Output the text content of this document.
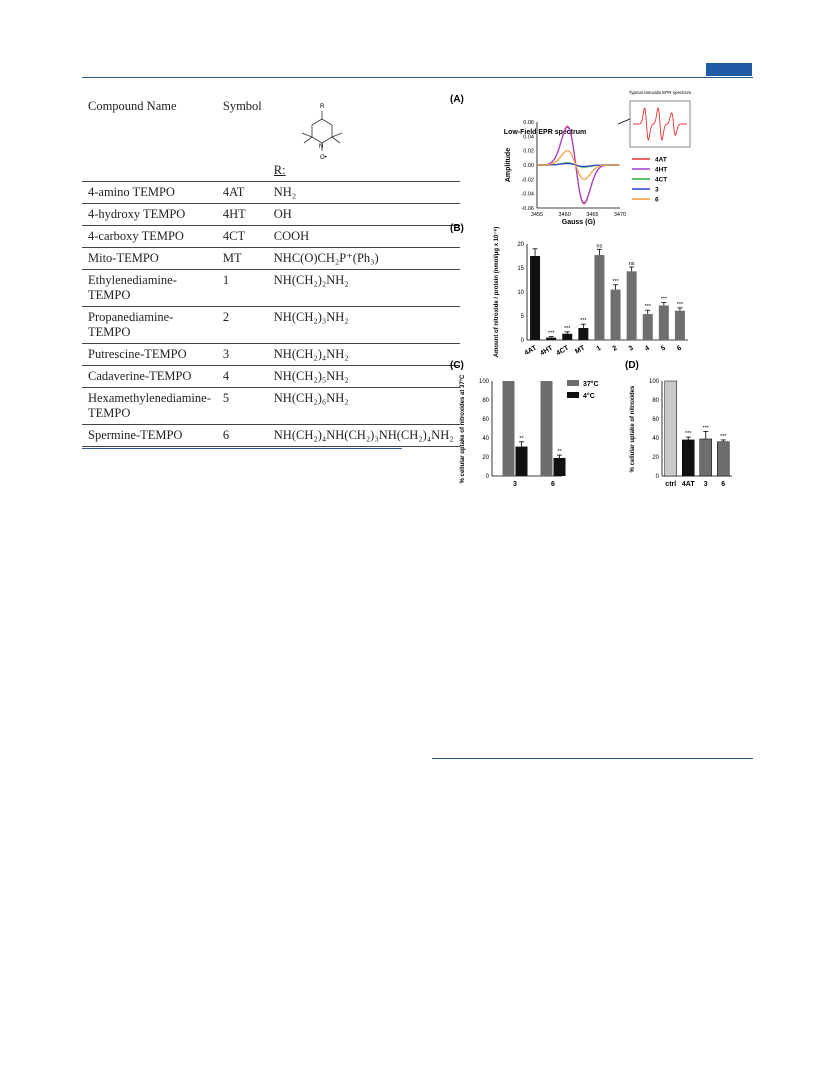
Compound Name	Symbol	R
N
O•
R:

4-amino TEMPO	4AT	NH₂
4-hydroxy TEMPO	4HT	OH
4-carboxy TEMPO	4CT	COOH
Mito-TEMPO	MT	NHC(O)CH₂P⁺(Ph₃)
Ethylenediamine-TEMPO	1	NH(CH₂)₂NH₂
Propanediamine-TEMPO	2	NH(CH₂)₃NH₂
Putrescine-TEMPO	3	NH(CH₂)₄NH₂
Cadaverine-TEMPO	4	NH(CH₂)₅NH₂
Hexamethylenediamine-TEMPO	5	NH(CH₂)₆NH₂
Spermine-TEMPO	6	NH(CH₂)₄NH(CH₂)₃NH(CH₂)₄NH₂
(A)
Low-Field EPR spectrum
0.06
0.04
0.02
0.00
-0.02
-0.04
-0.06
3455	3460	3465	3470
Gauss (G)
Amplitude	4AT
4HT
4CT
3
6
Typical nitroxide EPR spectrum
(B)
0
5
10
15
20
Amount of nitroxide / protein (nmol/μg x 10⁻⁶)	4AT
***
4HT
***
4CT
***
MT
ns
1
***
2
ns
3
***
4
***
5
***
6
(C)
0
20
40
60
80
100
% cellular uptake of nitroxides at 37°C	**
3
**
6
37°C
4°C
(D)
0
20
40
60
80
100
% cellular uptake of nitroxides
ctrl
***
4AT
***
3
***
6
